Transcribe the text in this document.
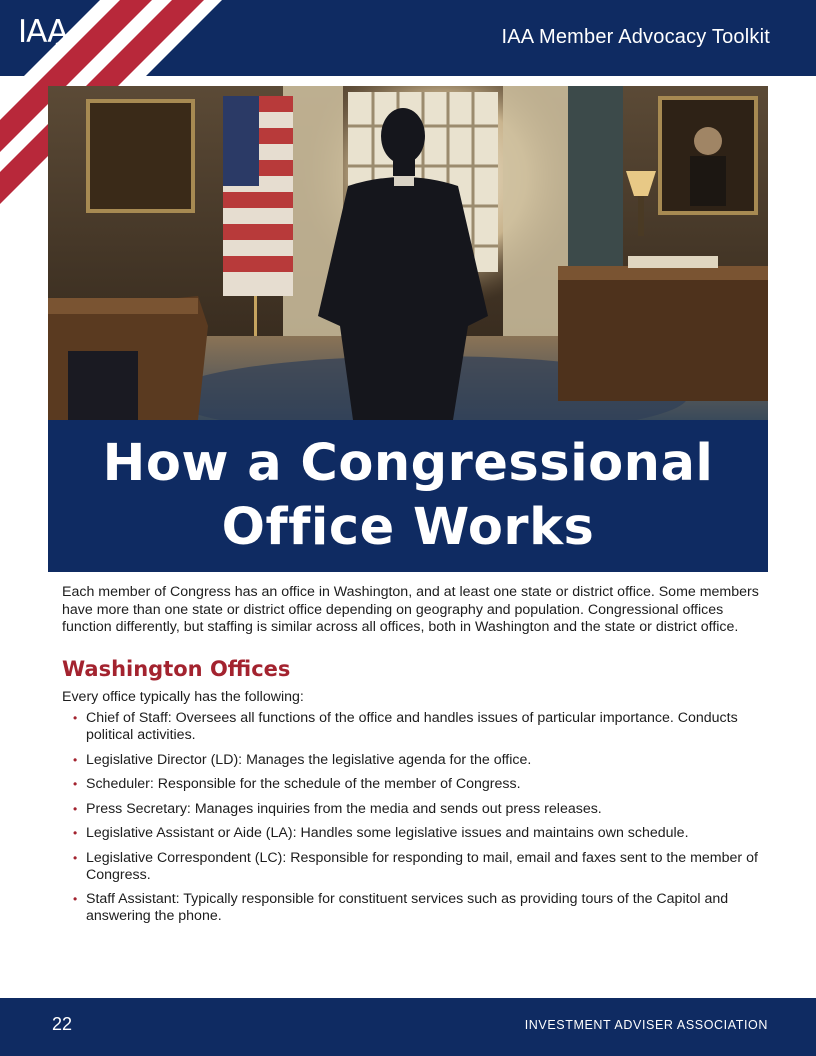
IAA	IAA Member Advocacy Toolkit
How a Congressional
Office Works

Each member of Congress has an office in Washington, and at least one state or district office. Some members have more than one state or district office depending on geography and population. Congressional offices function differently, but staffing is similar across all offices, both in Washington and the state or district office.

Washington Offices

Every office typically has the following:

• Chief of Staff: Oversees all functions of the office and handles issues of particular importance. Conducts political activities.
• Legislative Director (LD): Manages the legislative agenda for the office.
• Scheduler: Responsible for the schedule of the member of Congress.
• Press Secretary: Manages inquiries from the media and sends out press releases.
• Legislative Assistant or Aide (LA): Handles some legislative issues and maintains own schedule.
• Legislative Correspondent (LC): Responsible for responding to mail, email and faxes sent to the member of Congress.
• Staff Assistant: Typically responsible for constituent services such as providing tours of the Capitol and answering the phone.
22	INVESTMENT ADVISER ASSOCIATION
